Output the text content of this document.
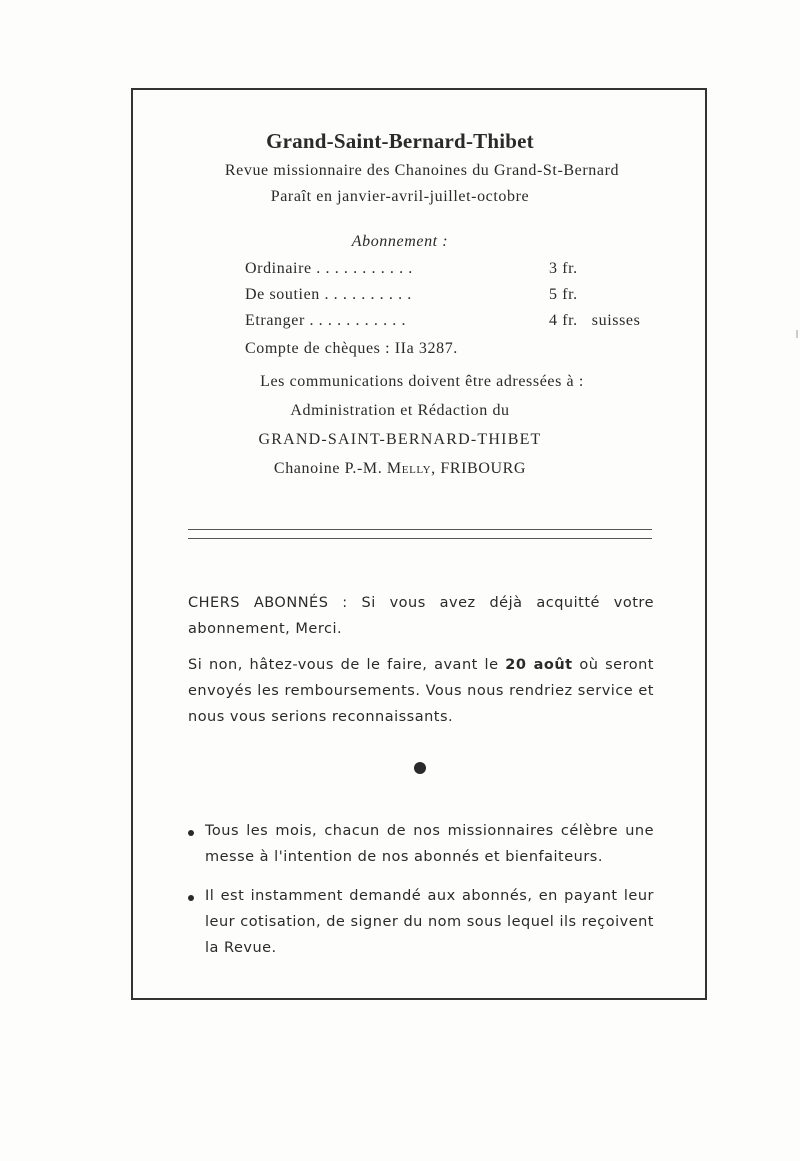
Grand-Saint-Bernard-Thibet
Revue missionnaire des Chanoines du Grand-St-Bernard
Paraît en janvier-avril-juillet-octobre
Abonnement :
Ordinaire . . . . . . . . . . .	3 fr.
De soutien . . . . . . . . . .	5 fr.
Etranger . . . . . . . . . . .	4 fr. suisses
Compte de chèques : IIa 3287.
Les communications doivent être adressées à :
Administration et Rédaction du
GRAND-SAINT-BERNARD-THIBET
Chanoine P.-M. Melly, FRIBOURG
CHERS ABONNÉS : Si vous avez déjà acquitté votre abonnement, Merci.
Si non, hâtez-vous de le faire, avant le 20 août où seront envoyés les remboursements. Vous nous rendriez service et nous vous serions reconnaissants.
Tous les mois, chacun de nos missionnaires célèbre une messe à l'intention de nos abonnés et bienfaiteurs.
Il est instamment demandé aux abonnés, en payant leur leur cotisation, de signer du nom sous lequel ils reçoivent la Revue.
